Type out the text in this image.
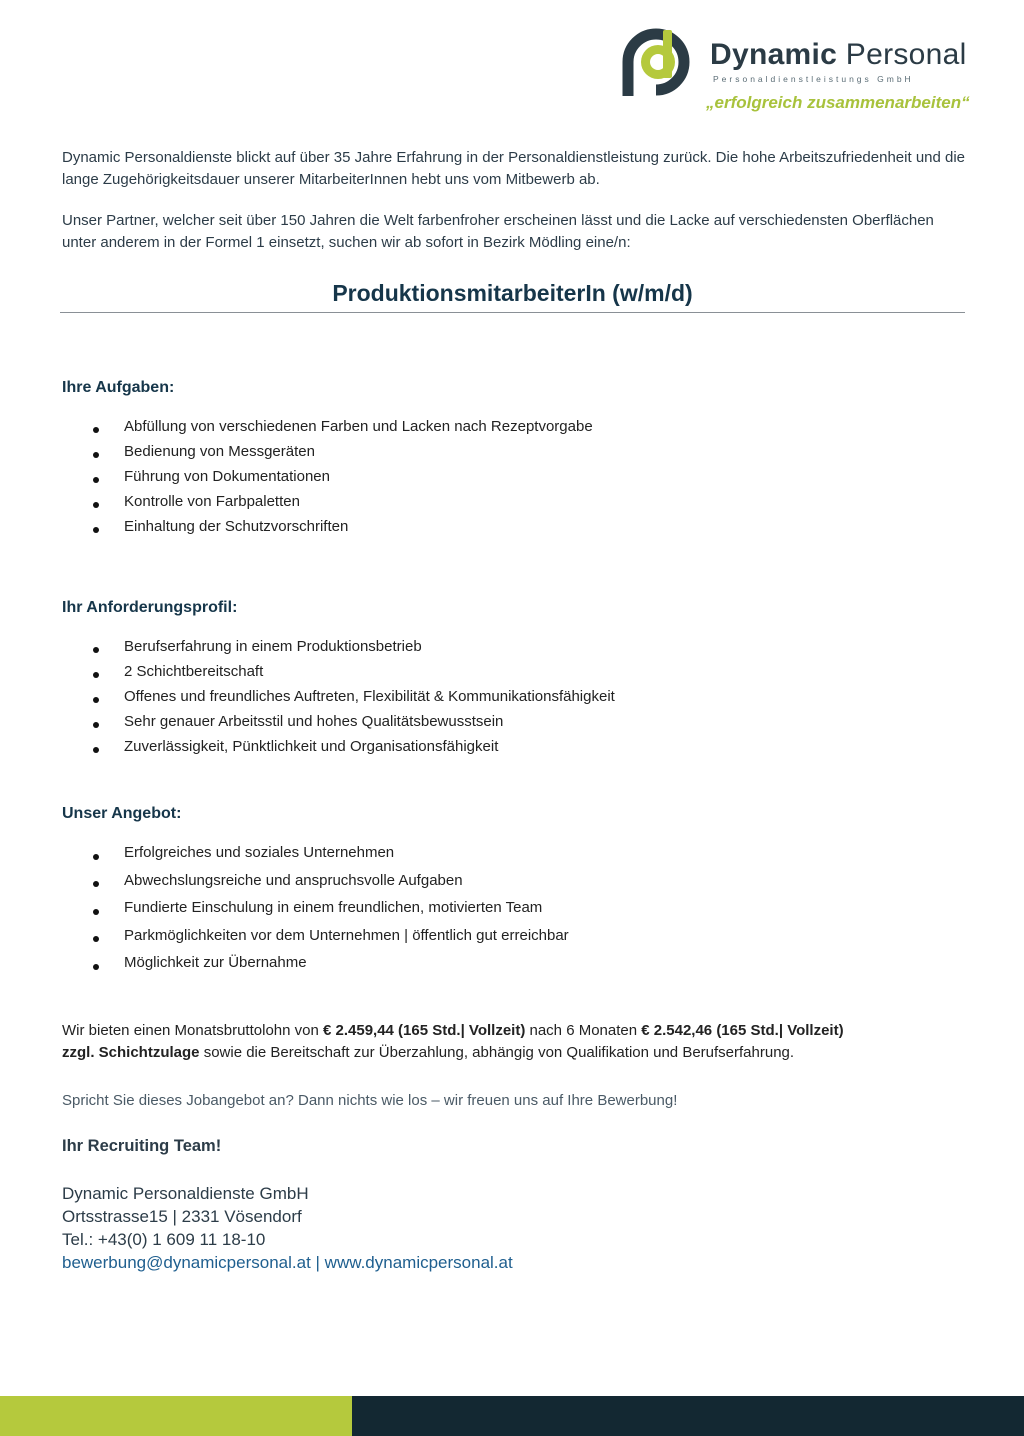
Dynamic Personal
Personaldienstleistungs GmbH
„erfolgreich zusammenarbeiten“

Dynamic Personaldienste blickt auf über 35 Jahre Erfahrung in der Personaldienstleistung zurück. Die hohe Arbeitszufriedenheit und die lange Zugehörigkeitsdauer unserer MitarbeiterInnen hebt uns vom Mitbewerb ab.

Unser Partner, welcher seit über 150 Jahren die Welt farbenfroher erscheinen lässt und die Lacke auf verschiedensten Oberflächen unter anderem in der Formel 1 einsetzt, suchen wir ab sofort in Bezirk Mödling eine/n:

ProduktionsmitarbeiterIn (w/m/d)
Ihre Aufgaben:
Abfüllung von verschiedenen Farben und Lacken nach Rezeptvorgabe
Bedienung von Messgeräten
Führung von Dokumentationen
Kontrolle von Farbpaletten
Einhaltung der Schutzvorschriften
Ihr Anforderungsprofil:
Berufserfahrung in einem Produktionsbetrieb
2 Schichtbereitschaft
Offenes und freundliches Auftreten, Flexibilität & Kommunikationsfähigkeit
Sehr genauer Arbeitsstil und hohes Qualitätsbewusstsein
Zuverlässigkeit, Pünktlichkeit und Organisationsfähigkeit
Unser Angebot:
Erfolgreiches und soziales Unternehmen
Abwechslungsreiche und anspruchsvolle Aufgaben
Fundierte Einschulung in einem freundlichen, motivierten Team
Parkmöglichkeiten vor dem Unternehmen | öffentlich gut erreichbar
Möglichkeit zur Übernahme

Wir bieten einen Monatsbruttolohn von € 2.459,44 (165 Std.| Vollzeit) nach 6 Monaten € 2.542,46 (165 Std.| Vollzeit)
zzgl. Schichtzulage sowie die Bereitschaft zur Überzahlung, abhängig von Qualifikation und Berufserfahrung.

Spricht Sie dieses Jobangebot an? Dann nichts wie los – wir freuen uns auf Ihre Bewerbung!

Ihr Recruiting Team!

Dynamic Personaldienste GmbH
Ortsstrasse15 | 2331 Vösendorf
Tel.: +43(0) 1 609 11 18-10
bewerbung@dynamicpersonal.at | www.dynamicpersonal.at
